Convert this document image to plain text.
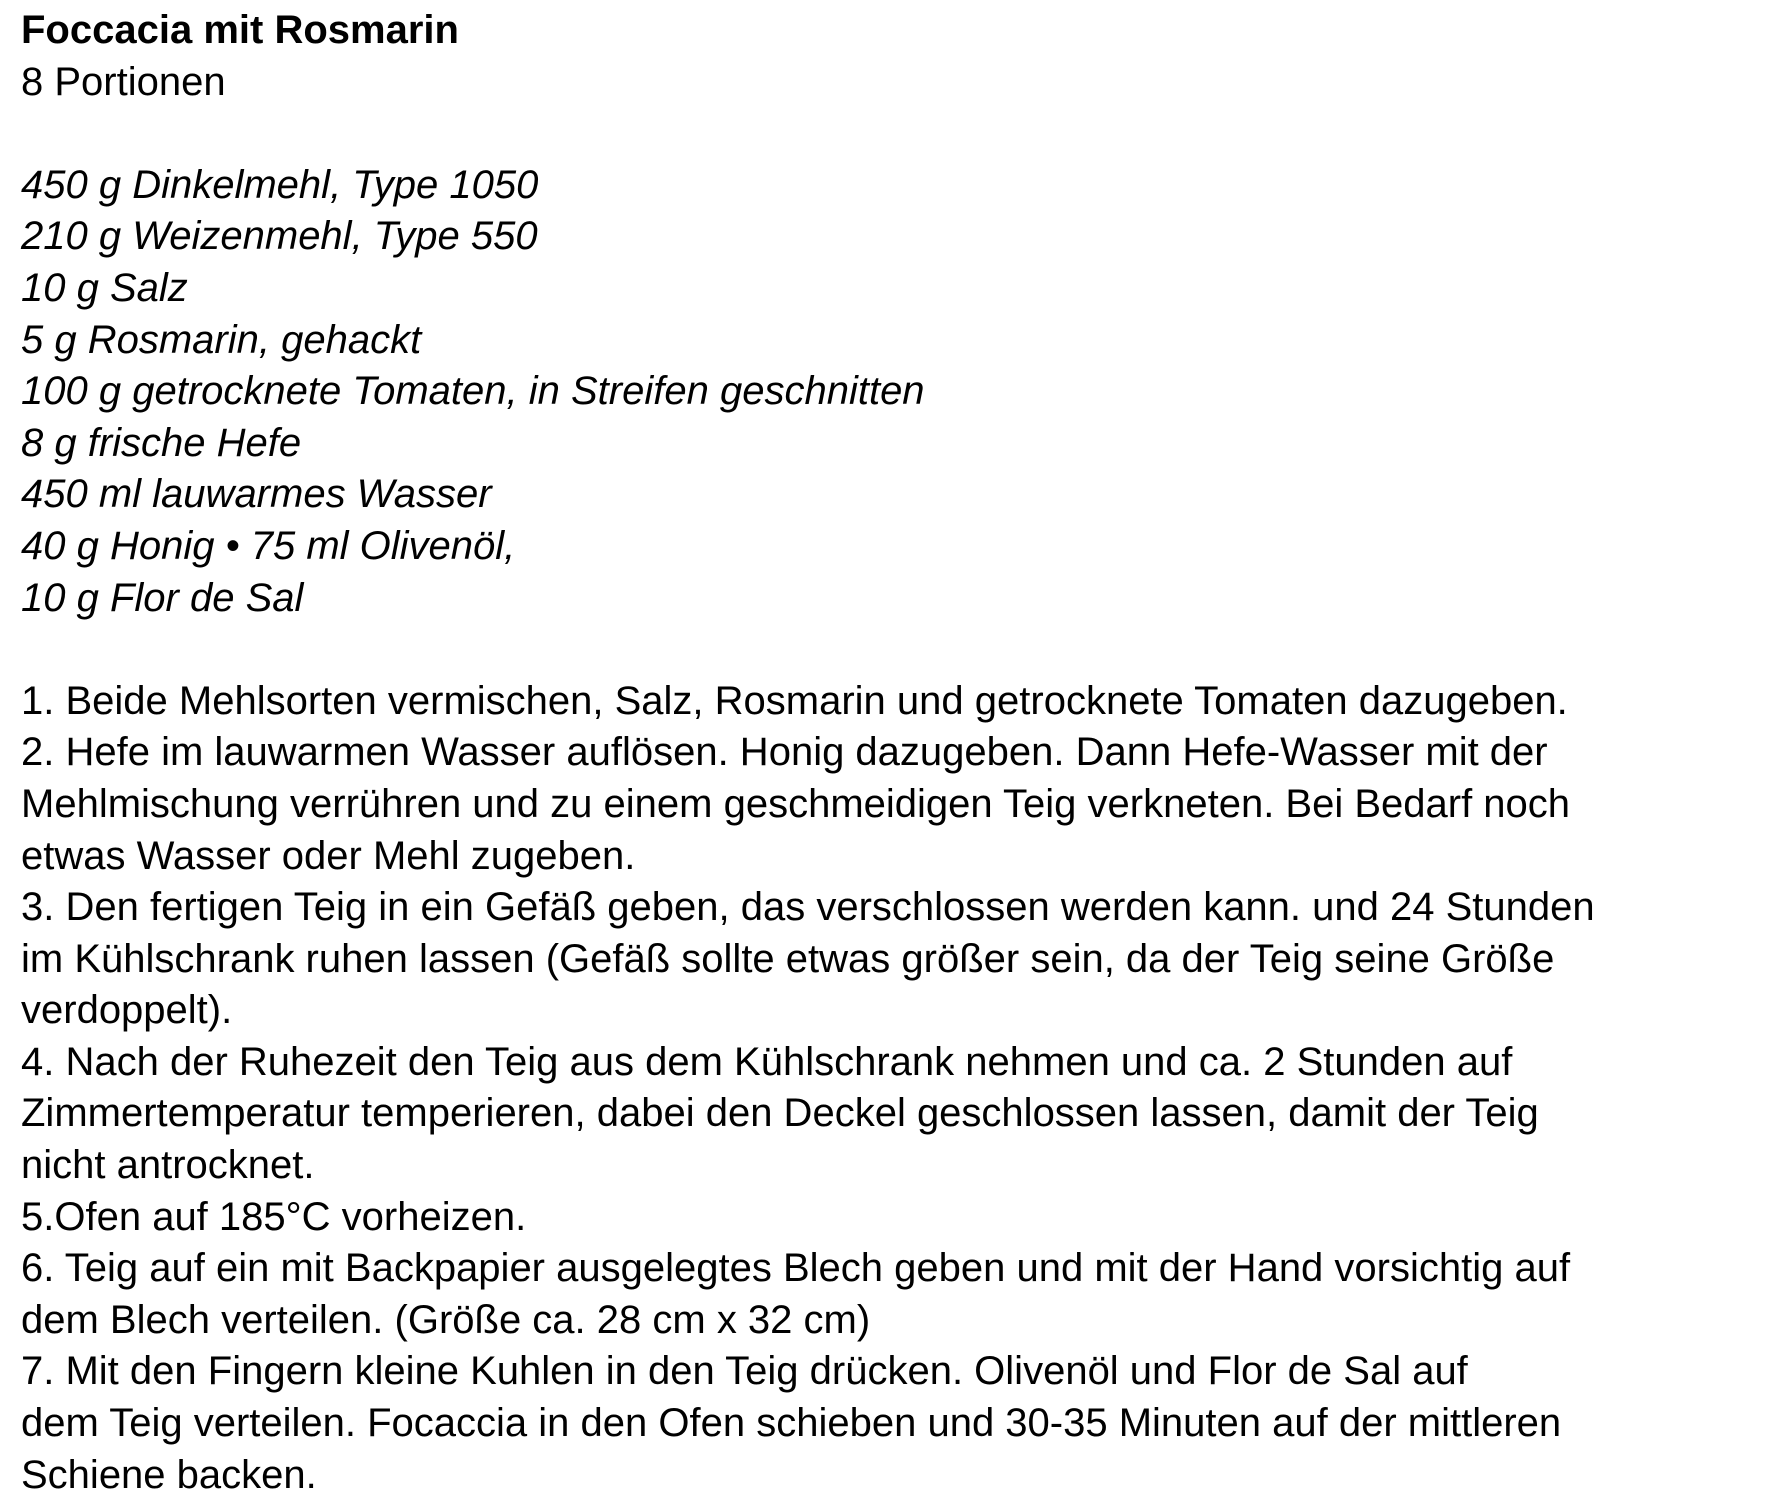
Foccacia mit Rosmarin
8 Portionen
450 g Dinkelmehl, Type 1050
210 g Weizenmehl, Type 550
10 g Salz
5 g Rosmarin, gehackt
100 g getrocknete Tomaten, in Streifen geschnitten
8 g frische Hefe
450 ml lauwarmes Wasser
40 g Honig • 75 ml Olivenöl,
10 g Flor de Sal
1. Beide Mehlsorten vermischen, Salz, Rosmarin und getrocknete Tomaten dazugeben.
2. Hefe im lauwarmen Wasser auflösen. Honig dazugeben. Dann Hefe-Wasser mit der
Mehlmischung verrühren und zu einem geschmeidigen Teig verkneten. Bei Bedarf noch
etwas Wasser oder Mehl zugeben.
3. Den fertigen Teig in ein Gefäß geben, das verschlossen werden kann. und 24 Stunden
im Kühlschrank ruhen lassen (Gefäß sollte etwas größer sein, da der Teig seine Größe
verdoppelt).
4. Nach der Ruhezeit den Teig aus dem Kühlschrank nehmen und ca. 2 Stunden auf
Zimmertemperatur temperieren, dabei den Deckel geschlossen lassen, damit der Teig
nicht antrocknet.
5.Ofen auf 185°C vorheizen.
6. Teig auf ein mit Backpapier ausgelegtes Blech geben und mit der Hand vorsichtig auf
dem Blech verteilen. (Größe ca. 28 cm x 32 cm)
7. Mit den Fingern kleine Kuhlen in den Teig drücken. Olivenöl und Flor de Sal auf
dem Teig verteilen. Focaccia in den Ofen schieben und 30-35 Minuten auf der mittleren
Schiene backen.
